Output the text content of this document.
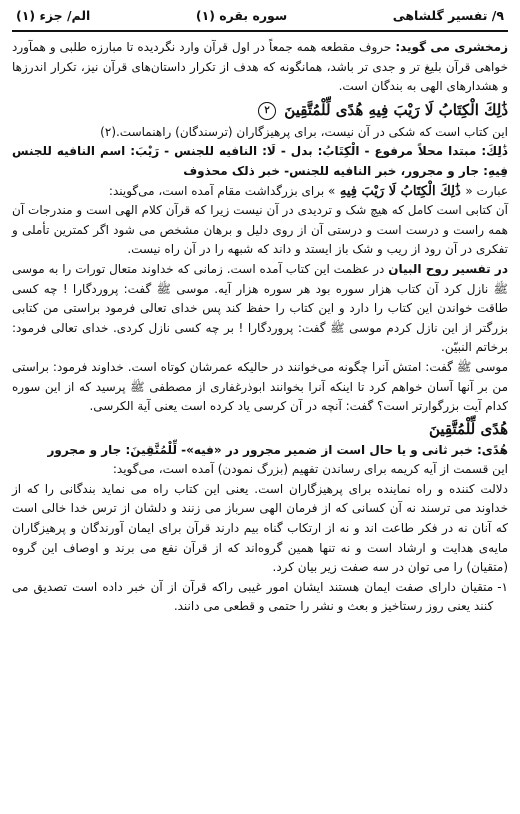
۹/ تفسیر گلشاهی
سوره بقره (۱)
الم/ جزء (۱)

زمخشری می گوید: حروف مقطعه همه جمعاً در اول قرآن وارد نگردیده تا مبارزه طلبی و همآورد خواهی قرآن بلیغ تر و جدی تر باشد، همانگونه که هدف از تکرار داستان‌های قرآن نیز، تکرار اندرزها و هشدارهای الهی به بندگان است.

ذَٰلِكَ الْكِتَابُ لَا رَيْبَ فِيهِ هُدًى لِّلْمُتَّقِينَ ۲

این کتاب است که شکی در آن نیست، برای پرهیزگاران (ترسندگان) راهنماست.(۲)

ذَٰلِكَ: مبتدا محلاً مرفوع - الْكِتَابُ: بدل - لَا: النافیه للجنس - رَيْبَ: اسم النافیه للجنس فِيهِ: جار و مجرور، خبر النافیه للجنس- خبر ذلک محذوف

عبارت « ذَٰلِكَ الْكِتَابُ لَا رَيْبَ فِيهِ » برای بزرگداشت مقام آمده است، می‌گویند:

آن کتابی است کامل که هیچ شک و تردیدی در آن نیست زیرا که قرآن کلام الهی است و مندرجات آن همه راست و درست است و درستی آن از روی دلیل و برهان مشخص می شود اگر کمترین تأملی و تفکری در آن رود از ریب و شک باز ایستد و داند که شبهه را در آن راه نیست.

در تفسیر روح البیان در عظمت این کتاب آمده است. زمانی که خداوند متعال تورات را به موسی ﷺ نازل کرد آن کتاب هزار سوره بود هر سوره هزار آیه. موسی ﷺ گفت: پروردگارا ! چه کسی طاقت خواندن این کتاب را دارد و این کتاب را حفظ کند پس خدای تعالی فرمود براستی من کتابی بزرگتر از این نازل کردم موسی ﷺ گفت: پروردگارا ! بر چه کسی نازل کردی. خدای تعالی فرمود: برخاتم النبیّن.

موسی ﷺ گفت: امتش آنرا چگونه می‌خوانند در حالیکه عمرشان کوتاه است. خداوند فرمود: براستی من بر آنها آسان خواهم کرد تا اینکه آنرا بخوانند ابوذرغفاری از مصطفی ﷺ پرسید که از این سوره کدام آیت بزرگوارتر است؟ گفت: آنچه در آن کرسی یاد کرده است یعنی آیة الکرسی.

هُدًى لِّلْمُتَّقِينَ

هُدًى: خبر ثانی و یا حال است از ضمیر مجرور در «فیه»- لِّلْمُتَّقِينَ: جار و مجرور

این قسمت از آیه کریمه برای رساندن تفهیم (بزرگ نمودن) آمده است، می‌گوید:

دلالت کننده و راه نماینده برای پرهیزگاران است. یعنی این کتاب راه می نماید بندگانی را که از خداوند می ترسند نه آن کسانی که از فرمان الهی سرباز می زنند و دلشان از ترس خدا خالی است که آنان نه در فکر طاعت اند و نه از ارتکاب گناه بیم دارند قرآن برای ایمان آورندگان و پرهیزگاران مایه‌ی هدایت و ارشاد است و نه تنها همین گروه‌اند که از قرآن نفع می برند و اوصاف این گروه (متقیان) را می توان در سه صفت زیر بیان کرد.

۱-
متقیان دارای صفت ایمان هستند ایشان امور غیبی راکه قرآن از آن خبر داده است تصدیق می کنند یعنی روز رستاخیز و بعث و نشر را حتمی و قطعی می دانند.
